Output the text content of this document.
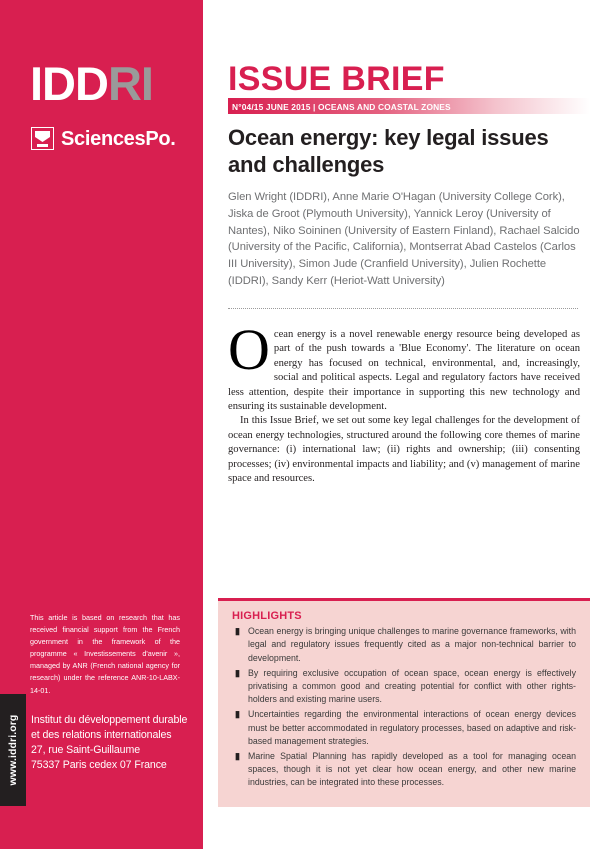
IDDRI
SciencesPo.
This article is based on research that has received financial support from the French government in the framework of the programme « Investissements d'avenir », managed by ANR (French national agency for research) under the reference ANR-10-LABX-14-01.
www.iddri.org Institut du développement durable
et des relations internationales
27, rue Saint-Guillaume
75337 Paris cedex 07 France
ISSUE BRIEF
N°04/15 JUNE 2015 | OCEANS AND COASTAL ZONES
Ocean energy: key legal issues and challenges
Glen Wright (IDDRI), Anne Marie O'Hagan (University College Cork), Jiska de Groot (Plymouth University), Yannick Leroy (University of Nantes), Niko Soininen (University of Eastern Finland), Rachael Salcido (University of the Pacific, California), Montserrat Abad Castelos (Carlos III University), Simon Jude (Cranfield University), Julien Rochette (IDDRI), Sandy Kerr (Heriot-Watt University)
O cean energy is a novel renewable energy resource being developed as part of the push towards a 'Blue Economy'. The literature on ocean energy has focused on technical, environmental, and, increasingly, social and political aspects. Legal and regulatory factors have received less attention, despite their importance in supporting this new technology and ensuring its sustainable development.

In this Issue Brief, we set out some key legal challenges for the development of ocean energy technologies, structured around the following core themes of marine governance: (i) international law; (ii) rights and ownership; (iii) consenting processes; (iv) environmental impacts and liability; and (v) management of marine space and resources.

HIGHLIGHTS
▮ Ocean energy is bringing unique challenges to marine governance frameworks, with legal and regulatory issues frequently cited as a major non-technical barrier to development.
▮ By requiring exclusive occupation of ocean space, ocean energy is effectively privatising a common good and creating potential for conflict with other rights-holders and existing marine users.
▮ Uncertainties regarding the environmental interactions of ocean energy devices must be better accommodated in regulatory processes, based on adaptive and risk-based management strategies.
▮ Marine Spatial Planning has rapidly developed as a tool for managing ocean spaces, though it is not yet clear how ocean energy, and other new marine industries, can be integrated into these processes.
